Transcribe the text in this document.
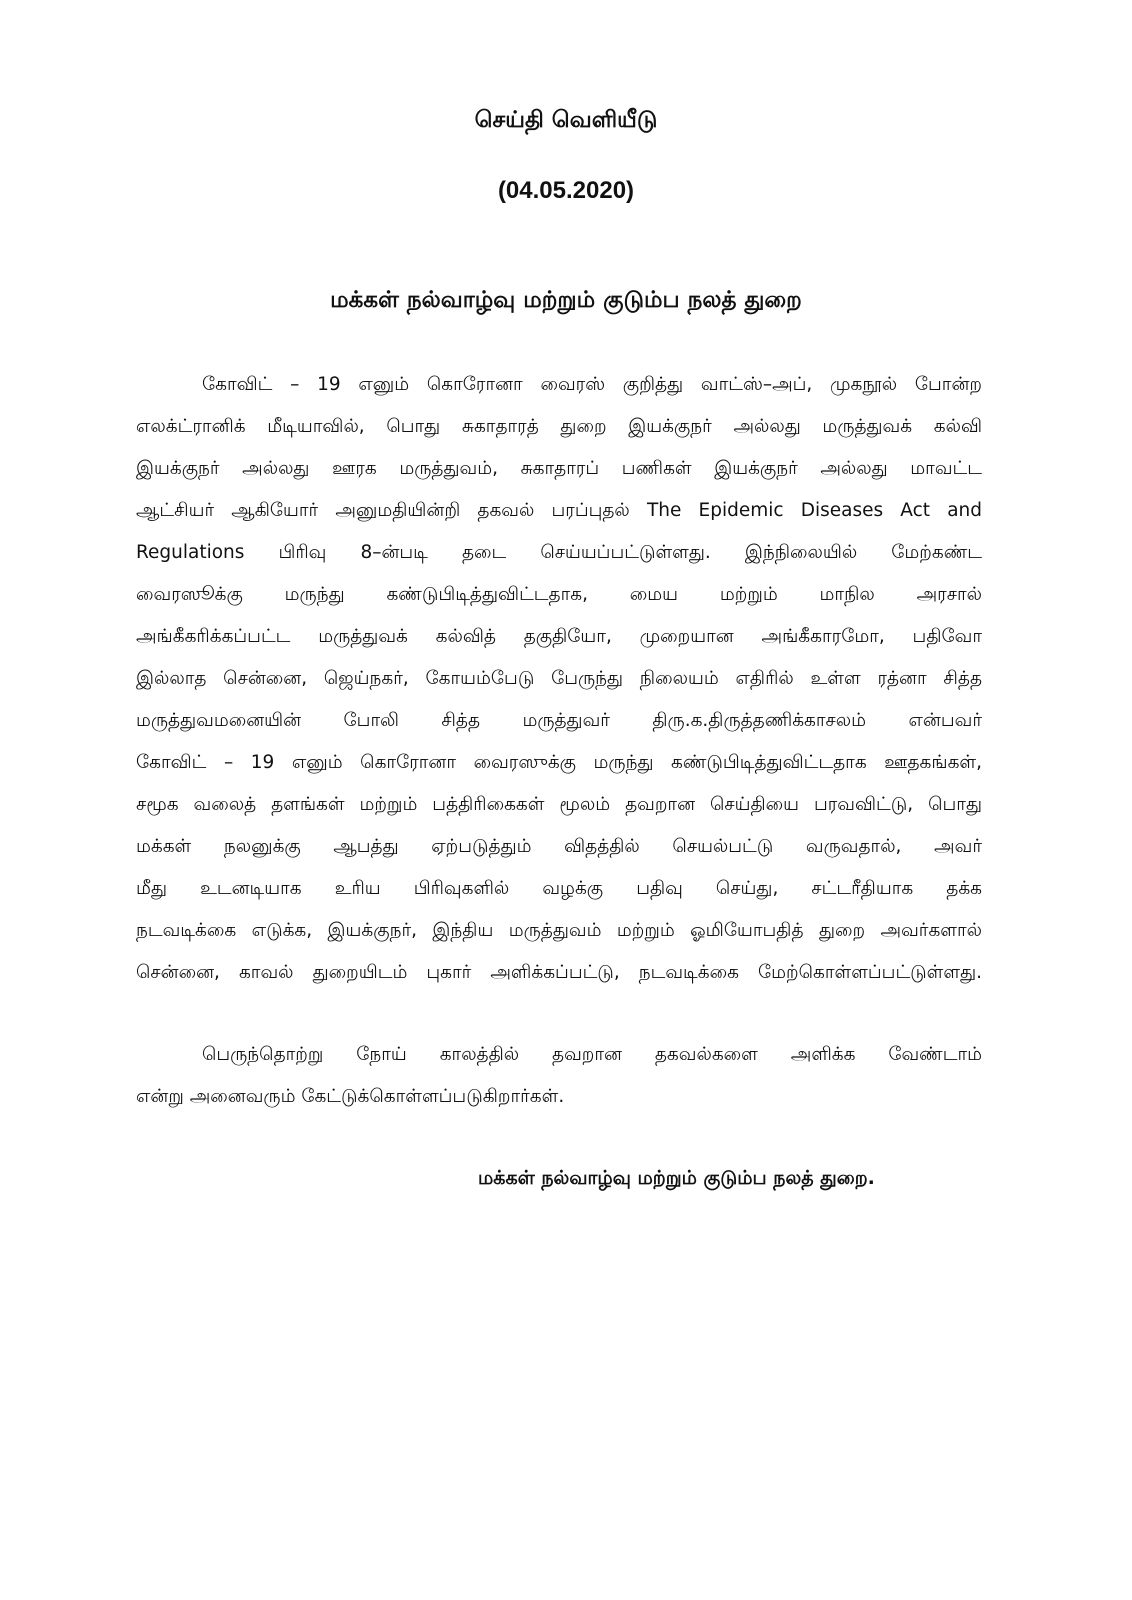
செய்தி வெளியீடு
(04.05.2020)
மக்கள் நல்வாழ்வு மற்றும் குடும்ப நலத் துறை
கோவிட் – 19 எனும் கொரோனா வைரஸ் குறித்து வாட்ஸ்–அப், முகநூல் போன்ற
எலக்ட்ரானிக் மீடியாவில், பொது சுகாதாரத் துறை இயக்குநர் அல்லது மருத்துவக் கல்வி
இயக்குநர் அல்லது ஊரக மருத்துவம், சுகாதாரப் பணிகள் இயக்குநர் அல்லது மாவட்ட
ஆட்சியர் ஆகியோர் அனுமதியின்றி தகவல் பரப்புதல் The Epidemic Diseases Act and
Regulations பிரிவு 8–ன்படி தடை செய்யப்பட்டுள்ளது. இந்நிலையில் மேற்கண்ட
வைரஸூக்கு மருந்து கண்டுபிடித்துவிட்டதாக, மைய மற்றும் மாநில அரசால்
அங்கீகரிக்கப்பட்ட மருத்துவக் கல்வித் தகுதியோ, முறையான அங்கீகாரமோ, பதிவோ
இல்லாத சென்னை, ஜெய்நகர், கோயம்பேடு பேருந்து நிலையம் எதிரில் உள்ள ரத்னா சித்த
மருத்துவமனையின் போலி சித்த மருத்துவர் திரு.க.திருத்தணிக்காசலம் என்பவர்
கோவிட் – 19 எனும் கொரோனா வைரஸுக்கு மருந்து கண்டுபிடித்துவிட்டதாக ஊதகங்கள்,
சமூக வலைத் தளங்கள் மற்றும் பத்திரிகைகள் மூலம் தவறான செய்தியை பரவவிட்டு, பொது
மக்கள் நலனுக்கு ஆபத்து ஏற்படுத்தும் விதத்தில் செயல்பட்டு வருவதால், அவர்
மீது உடனடியாக உரிய பிரிவுகளில் வழக்கு பதிவு செய்து, சட்டரீதியாக தக்க
நடவடிக்கை எடுக்க, இயக்குநர், இந்திய மருத்துவம் மற்றும் ஓமியோபதித் துறை அவர்களால்
சென்னை, காவல் துறையிடம் புகார் அளிக்கப்பட்டு, நடவடிக்கை மேற்கொள்ளப்பட்டுள்ளது.
பெருந்தொற்று நோய் காலத்தில் தவறான தகவல்களை அளிக்க வேண்டாம்
என்று அனைவரும் கேட்டுக்கொள்ளப்படுகிறார்கள்.
மக்கள் நல்வாழ்வு மற்றும் குடும்ப நலத் துறை.
